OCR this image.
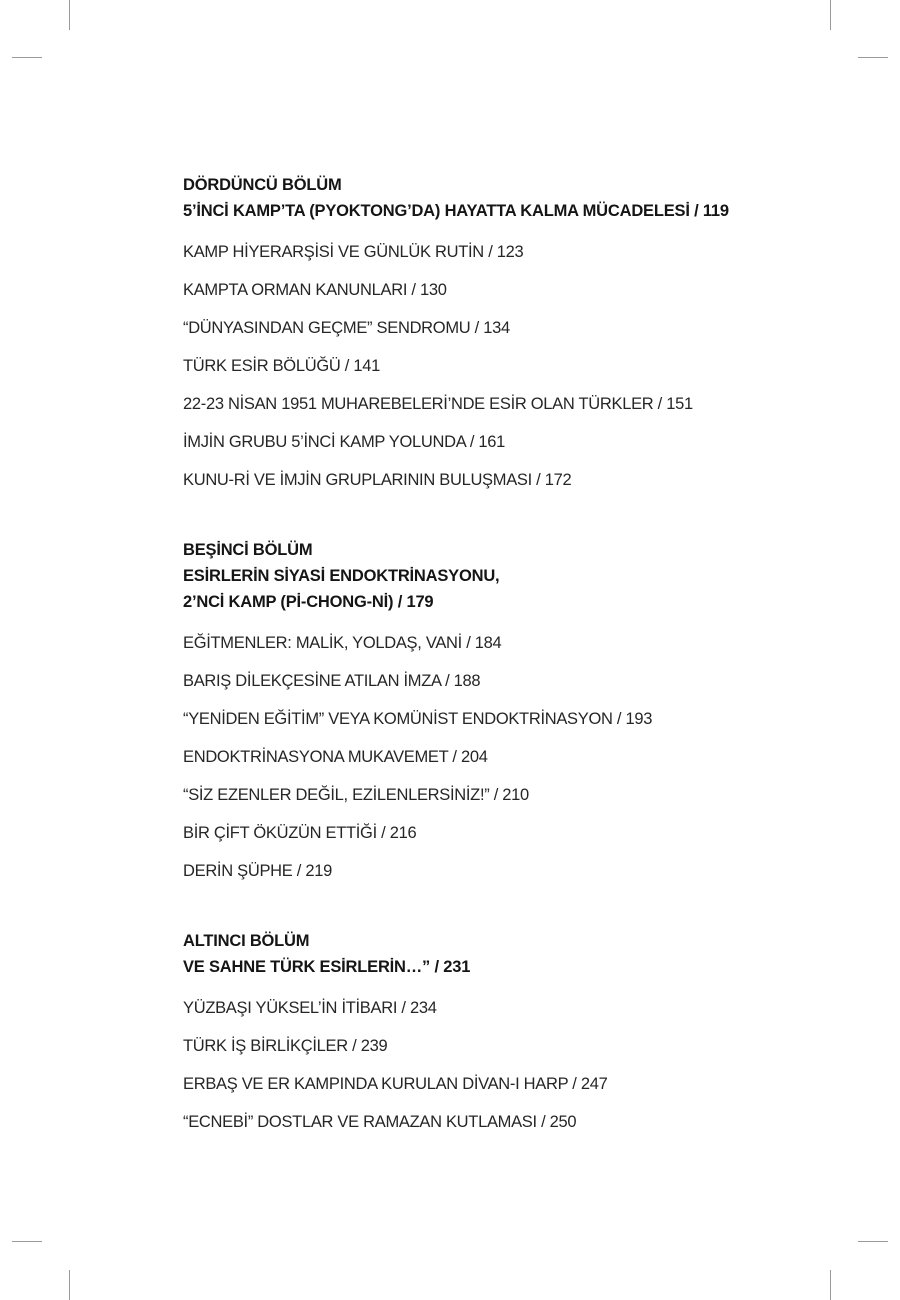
DÖRDÜNCÜ BÖLÜM
5’İNCİ KAMP’TA (PYOKTONG’DA) HAYATTA KALMA MÜCADELESİ / 119
KAMP HİYERARŞİSİ VE GÜNLÜK RUTİN / 123
KAMPTA ORMAN KANUNLARI / 130
“DÜNYASINDAN GEÇME” SENDROMU / 134
TÜRK ESİR BÖLÜĞÜ / 141
22-23 NİSAN 1951 MUHAREBELERİ’NDE ESİR OLAN TÜRKLER / 151
İMJİN GRUBU 5’İNCİ KAMP YOLUNDA / 161
KUNU-Rİ VE İMJİN GRUPLARININ BULUŞMASI / 172
BEŞİNCİ BÖLÜM
ESİRLERİN SİYASİ ENDOKTRİNASYONU,
2’NCİ KAMP (Pİ-CHONG-Nİ) / 179
EĞİTMENLER: MALİK, YOLDAŞ, VANİ / 184
BARIŞ DİLEKÇESİNE ATILAN İMZA / 188
“YENİDEN EĞİTİM” VEYA KOMÜNİST ENDOKTRİNASYON / 193
ENDOKTRİNASYONA MUKAVEMET / 204
“SİZ EZENLER DEĞİL, EZİLENLERSİNİZ!” / 210
BİR ÇİFT ÖKÜZÜN ETTİĞİ / 216
DERİN ŞÜPHE / 219
ALTINCI BÖLÜM
VE SAHNE TÜRK ESİRLERİN…” / 231
YÜZBAŞI YÜKSEL’İN İTİBARI / 234
TÜRK İŞ BİRLİKÇİLER / 239
ERBAŞ VE ER KAMPINDA KURULAN DİVAN-I HARP / 247
“ECNEBİ” DOSTLAR VE RAMAZAN KUTLAMASI / 250
